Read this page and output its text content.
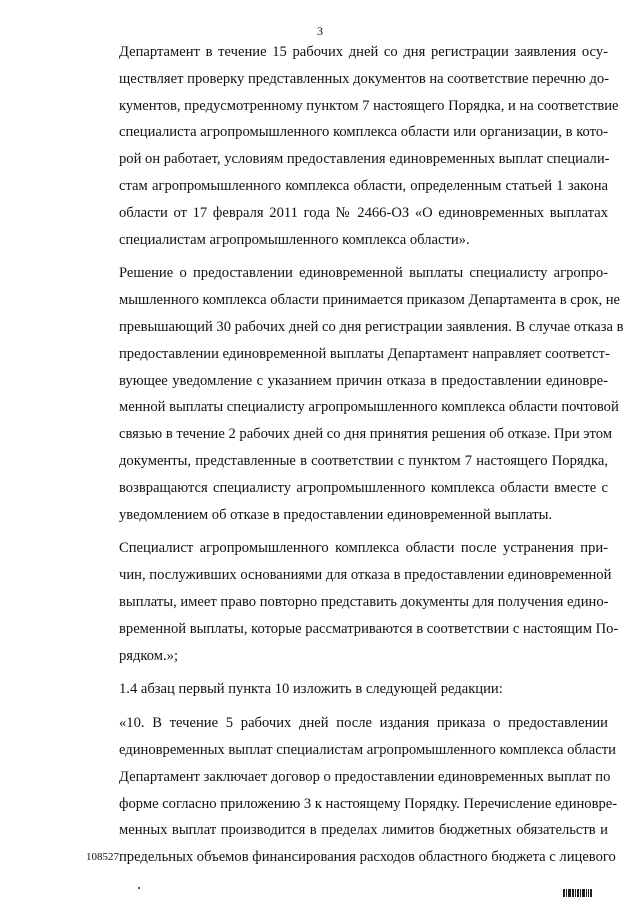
3

Департамент в течение 15 рабочих дней со дня регистрации заявления осу-
ществляет проверку представленных документов на соответствие перечню до-
кументов, предусмотренному пунктом 7 настоящего Порядка, и на соответствие
специалиста агропромышленного комплекса области или организации, в кото-
рой он работает, условиям предоставления единовременных выплат специали-
стам агропромышленного комплекса области, определенным статьей 1 закона
области от 17 февраля 2011 года № 2466-ОЗ «О единовременных выплатах
специалистам агропромышленного комплекса области».

Решение о предоставлении единовременной выплаты специалисту агропро-
мышленного комплекса области принимается приказом Департамента в срок, не
превышающий 30 рабочих дней со дня регистрации заявления. В случае отказа в
предоставлении единовременной выплаты Департамент направляет соответст-
вующее уведомление с указанием причин отказа в предоставлении единовре-
менной выплаты специалисту агропромышленного комплекса области почтовой
связью в течение 2 рабочих дней со дня принятия решения об отказе. При этом
документы, представленные в соответствии с пунктом 7 настоящего Порядка,
возвращаются специалисту агропромышленного комплекса области вместе с
уведомлением об отказе в предоставлении единовременной выплаты.

Специалист агропромышленного комплекса области после устранения при-
чин, послуживших основаниями для отказа в предоставлении единовременной
выплаты, имеет право повторно представить документы для получения едино-
временной выплаты, которые рассматриваются в соответствии с настоящим По-
рядком.»;

1.4 абзац первый пункта 10 изложить в следующей редакции:

«10. В течение 5 рабочих дней после издания приказа о предоставлении
единовременных выплат специалистам агропромышленного комплекса области
Департамент заключает договор о предоставлении единовременных выплат по
форме согласно приложению 3 к настоящему Порядку. Перечисление единовре-
менных выплат производится в пределах лимитов бюджетных обязательств и
предельных объемов финансирования расходов областного бюджета с лицевого

108527
